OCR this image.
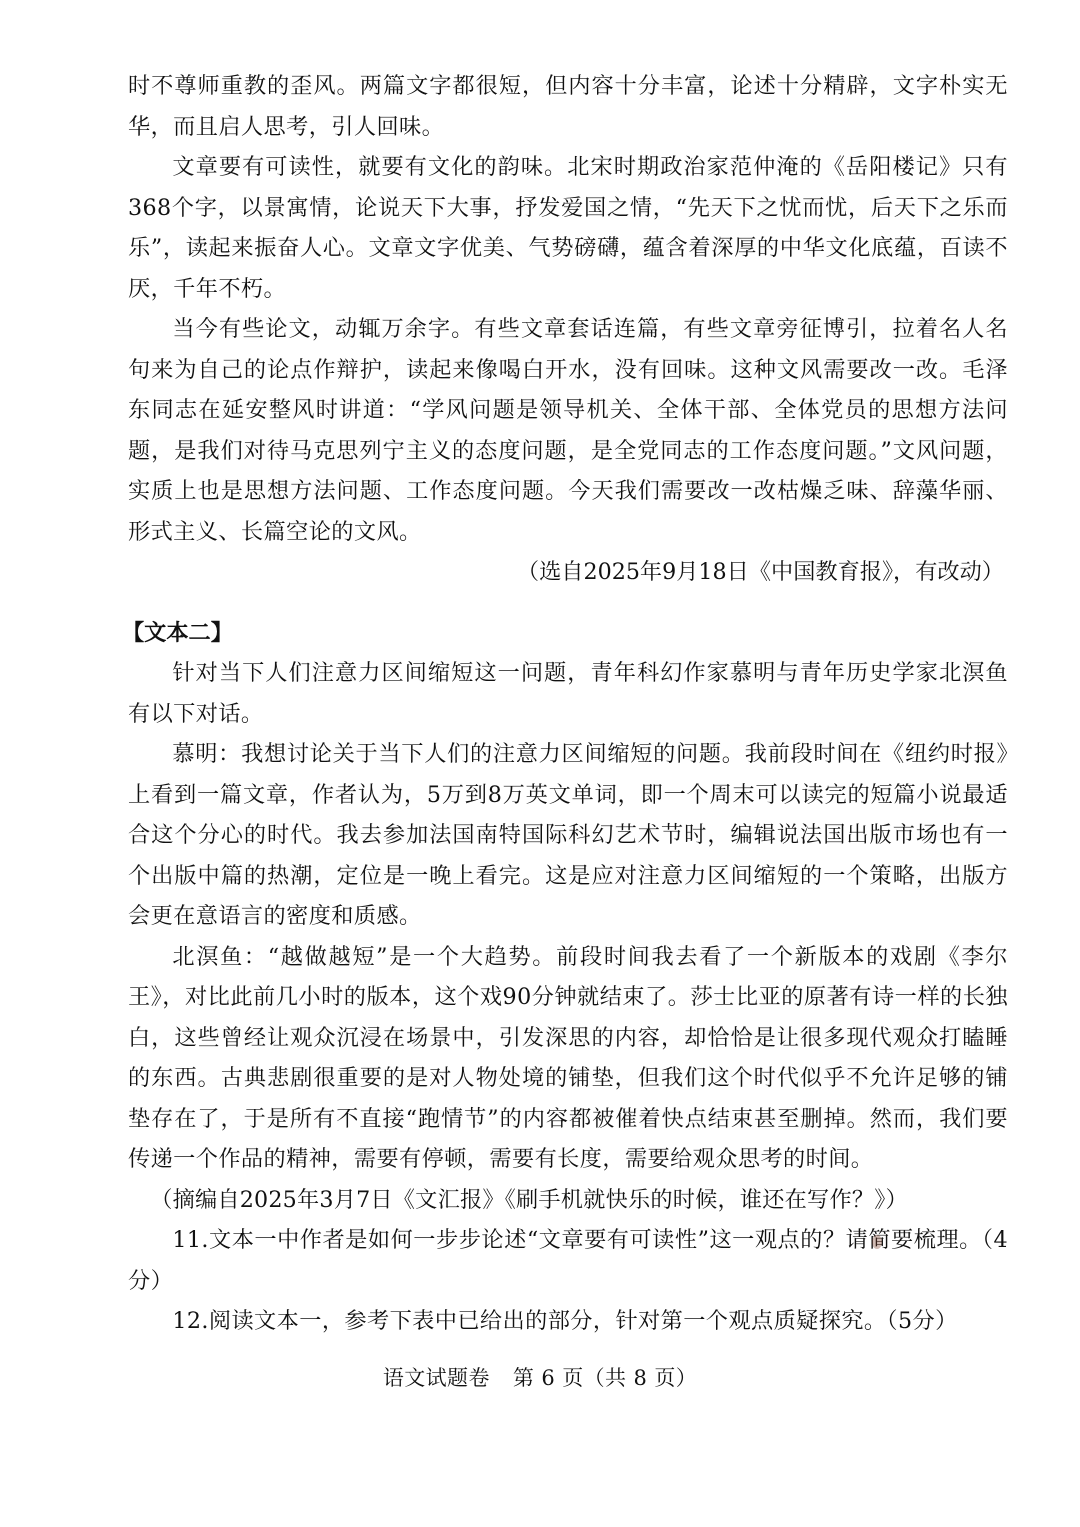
时不尊师重教的歪风。两篇文字都很短，但内容十分丰富，论述十分精辟，文字朴实无华，而且启人思考，引人回味。

文章要有可读性，就要有文化的韵味。北宋时期政治家范仲淹的《岳阳楼记》只有368个字，以景寓情，论说天下大事，抒发爱国之情，“先天下之忧而忧，后天下之乐而乐”，读起来振奋人心。文章文字优美、气势磅礴，蕴含着深厚的中华文化底蕴，百读不厌，千年不朽。

当今有些论文，动辄万余字。有些文章套话连篇，有些文章旁征博引，拉着名人名句来为自己的论点作辩护，读起来像喝白开水，没有回味。这种文风需要改一改。毛泽东同志在延安整风时讲道：“学风问题是领导机关、全体干部、全体党员的思想方法问题，是我们对待马克思列宁主义的态度问题，是全党同志的工作态度问题。”文风问题，实质上也是思想方法问题、工作态度问题。今天我们需要改一改枯燥乏味、辞藻华丽、形式主义、长篇空论的文风。

（选自2025年9月18日《中国教育报》，有改动）

【文本二】

针对当下人们注意力区间缩短这一问题，青年科幻作家慕明与青年历史学家北溟鱼有以下对话。

慕明：我想讨论关于当下人们的注意力区间缩短的问题。我前段时间在《纽约时报》上看到一篇文章，作者认为，5万到8万英文单词，即一个周末可以读完的短篇小说最适合这个分心的时代。我去参加法国南特国际科幻艺术节时，编辑说法国出版市场也有一个出版中篇的热潮，定位是一晚上看完。这是应对注意力区间缩短的一个策略，出版方会更在意语言的密度和质感。

北溟鱼：“越做越短”是一个大趋势。前段时间我去看了一个新版本的戏剧《李尔王》，对比此前几小时的版本，这个戏90分钟就结束了。莎士比亚的原著有诗一样的长独白，这些曾经让观众沉浸在场景中，引发深思的内容，却恰恰是让很多现代观众打瞌睡的东西。古典悲剧很重要的是对人物处境的铺垫，但我们这个时代似乎不允许足够的铺垫存在了，于是所有不直接“跑情节”的内容都被催着快点结束甚至删掉。然而，我们要传递一个作品的精神，需要有停顿，需要有长度，需要给观众思考的时间。

（摘编自2025年3月7日《文汇报》《刷手机就快乐的时候，谁还在写作？》）

11.文本一中作者是如何一步步论述“文章要有可读性”这一观点的？请简要梳理。（4分）

12.阅读文本一，参考下表中已给出的部分，针对第一个观点质疑探究。（5分）

语文试题卷 第 6 页（共 8 页）
